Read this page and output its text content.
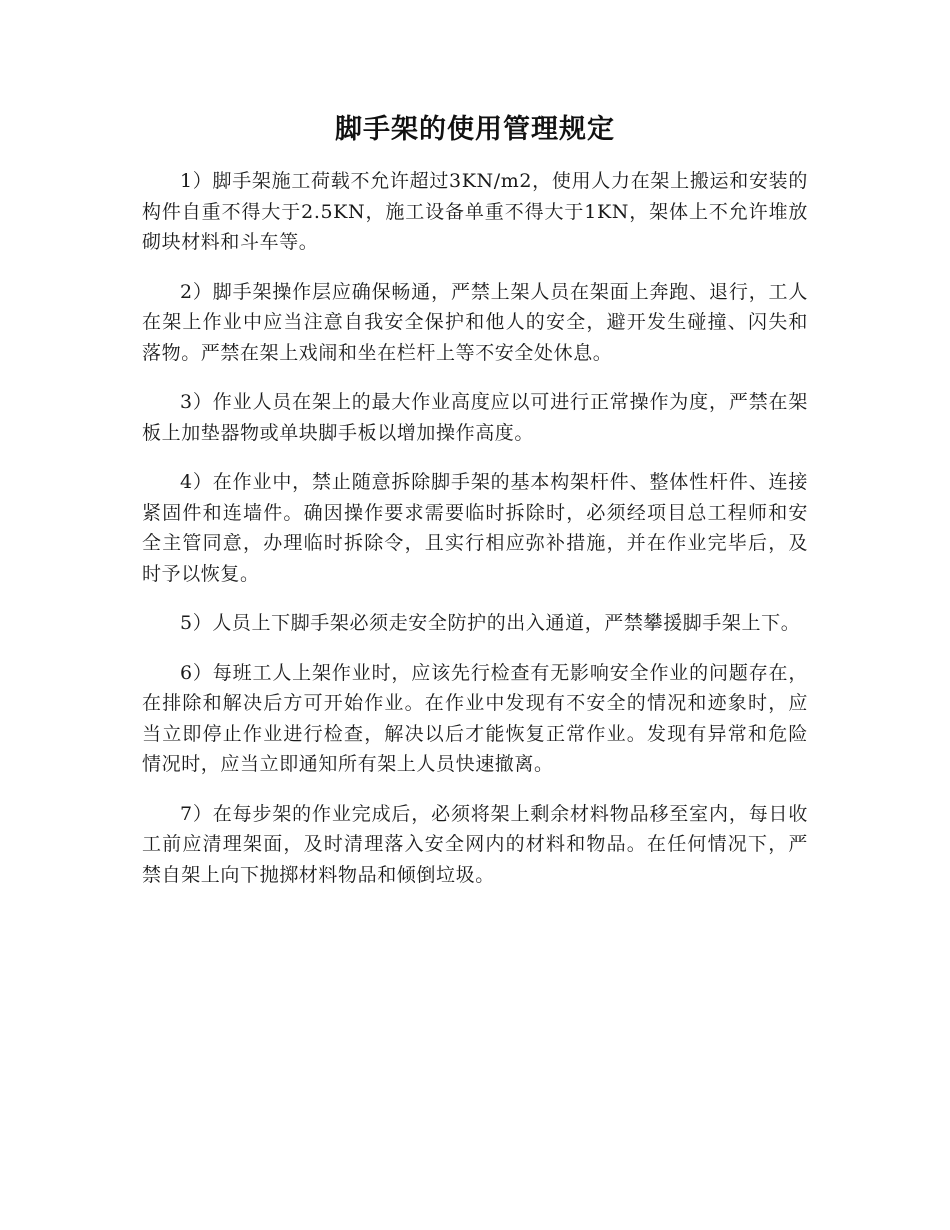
脚手架的使用管理规定

1）脚手架施工荷载不允许超过3KN/m2，使用人力在架上搬运和安装的构件自重不得大于2.5KN，施工设备单重不得大于1KN，架体上不允许堆放砌块材料和斗车等。

2）脚手架操作层应确保畅通，严禁上架人员在架面上奔跑、退行，工人在架上作业中应当注意自我安全保护和他人的安全，避开发生碰撞、闪失和落物。严禁在架上戏闹和坐在栏杆上等不安全处休息。

3）作业人员在架上的最大作业高度应以可进行正常操作为度，严禁在架板上加垫器物或单块脚手板以增加操作高度。

4）在作业中，禁止随意拆除脚手架的基本构架杆件、整体性杆件、连接紧固件和连墙件。确因操作要求需要临时拆除时，必须经项目总工程师和安全主管同意，办理临时拆除令，且实行相应弥补措施，并在作业完毕后，及时予以恢复。

5）人员上下脚手架必须走安全防护的出入通道，严禁攀援脚手架上下。

6）每班工人上架作业时，应该先行检查有无影响安全作业的问题存在，在排除和解决后方可开始作业。在作业中发现有不安全的情况和迹象时，应当立即停止作业进行检查，解决以后才能恢复正常作业。发现有异常和危险情况时，应当立即通知所有架上人员快速撤离。

7）在每步架的作业完成后，必须将架上剩余材料物品移至室内，每日收工前应清理架面，及时清理落入安全网内的材料和物品。在任何情况下，严禁自架上向下抛掷材料物品和倾倒垃圾。
